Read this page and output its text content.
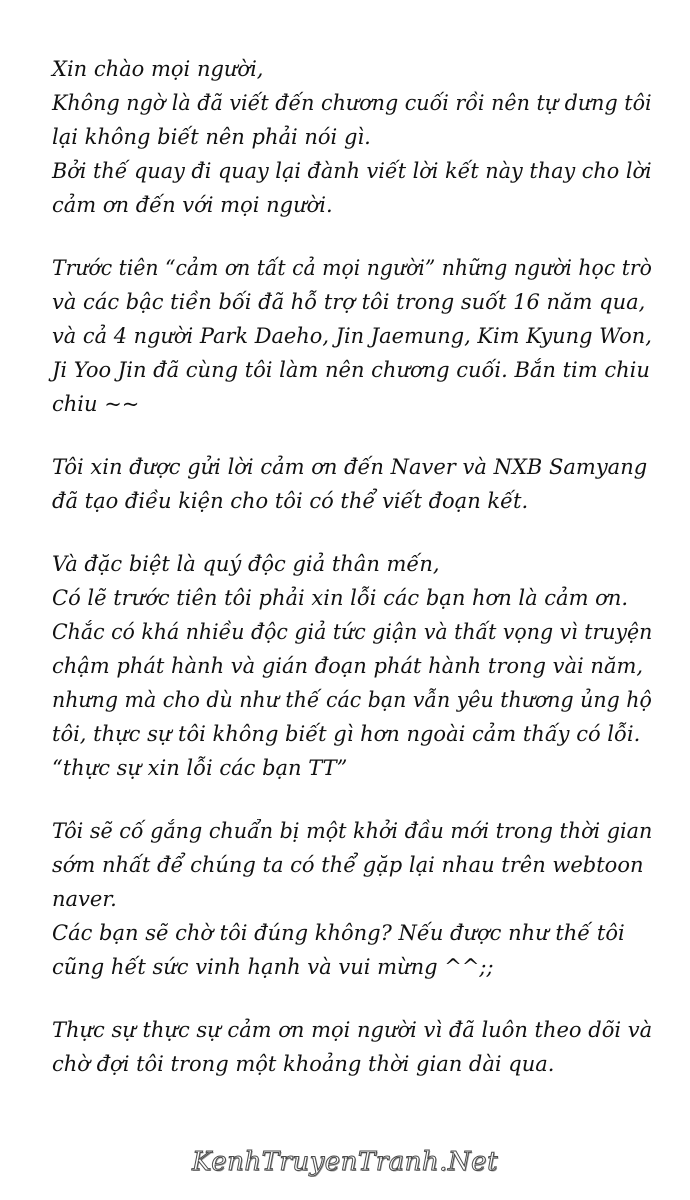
Xin chào mọi người,
Không ngờ là đã viết đến chương cuối rồi nên tự dưng tôi
lại không biết nên phải nói gì.
Bởi thế quay đi quay lại đành viết lời kết này thay cho lời
cảm ơn đến với mọi người.
Trước tiên “cảm ơn tất cả mọi người” những người học trò
và các bậc tiền bối đã hỗ trợ tôi trong suốt 16 năm qua,
và cả 4 người Park Daeho, Jin Jaemung, Kim Kyung Won,
Ji Yoo Jin đã cùng tôi làm nên chương cuối. Bắn tim chiu
chiu ~~
Tôi xin được gửi lời cảm ơn đến Naver và NXB Samyang
đã tạo điều kiện cho tôi có thể viết đoạn kết.
Và đặc biệt là quý độc giả thân mến,
Có lẽ trước tiên tôi phải xin lỗi các bạn hơn là cảm ơn.
Chắc có khá nhiều độc giả tức giận và thất vọng vì truyện
chậm phát hành và gián đoạn phát hành trong vài năm,
nhưng mà cho dù như thế các bạn vẫn yêu thương ủng hộ
tôi, thực sự tôi không biết gì hơn ngoài cảm thấy có lỗi.
“thực sự xin lỗi các bạn TT”
Tôi sẽ cố gắng chuẩn bị một khởi đầu mới trong thời gian
sớm nhất để chúng ta có thể gặp lại nhau trên webtoon
naver.
Các bạn sẽ chờ tôi đúng không? Nếu được như thế tôi
cũng hết sức vinh hạnh và vui mừng ^^;;
Thực sự thực sự cảm ơn mọi người vì đã luôn theo dõi và
chờ đợi tôi trong một khoảng thời gian dài qua.
KenhTruyenTranh.Net
